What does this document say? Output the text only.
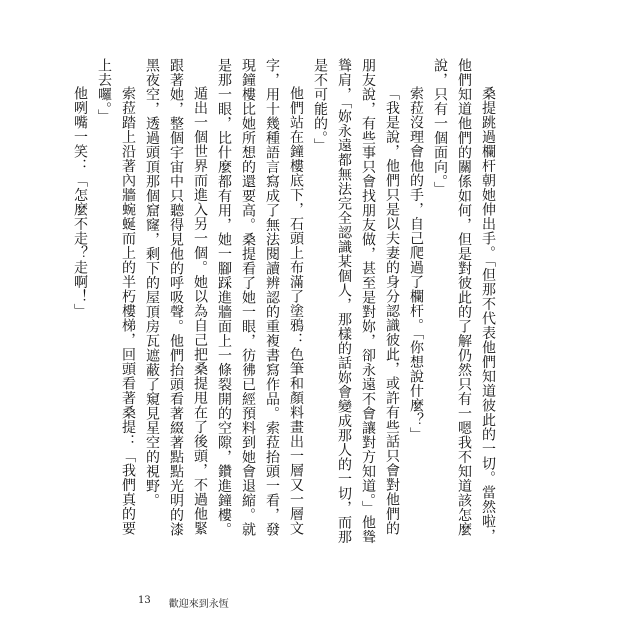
桑提跳過欄杆朝她伸出手。「但那不代表他們知道彼此的一切。當然啦，他們知道他們的關係如何，但是對彼此的了解仍然只有一嗯我不知道該怎麼說，只有一個面向。」

索菈沒理會他的手，自己爬過了欄杆。「你想說什麼？」

「我是說，他們只是以夫妻的身分認識彼此，或許有些話只會對他們的朋友說，有些事只會找朋友做，甚至是對妳，卻永遠不會讓對方知道。」他聳聳肩，「妳永遠都無法完全認識某個人，那樣的話妳會變成那人的一切，而那是不可能的。」

他們站在鐘樓底下，石頭上布滿了塗鴉：色筆和顏料畫出一層又一層文字，用十幾種語言寫成了無法閱讀辨認的重複書寫作品。索菈抬頭一看，發現鐘樓比她所想的還要高。桑提看了她一眼，彷彿已經預料到她會退縮。就是那一眼，比什麼都有用，她一腳踩進牆面上一條裂開的空隙，鑽進鐘樓。

遁出一個世界而進入另一個。她以為自己把桑提甩在了後頭，不過他緊跟著她，整個宇宙中只聽得見他的呼吸聲。他們抬頭看著綴著點點光明的漆黑夜空，透過頭頂那個窟窿，剩下的屋頂房瓦遮蔽了窺見星空的視野。

索菈踏上沿著內牆蜿蜒而上的半朽樓梯，回頭看著桑提：「我們真的要上去囉。」

他咧嘴一笑：「怎麼不走？走啊！」

13 歡迎來到永恆
